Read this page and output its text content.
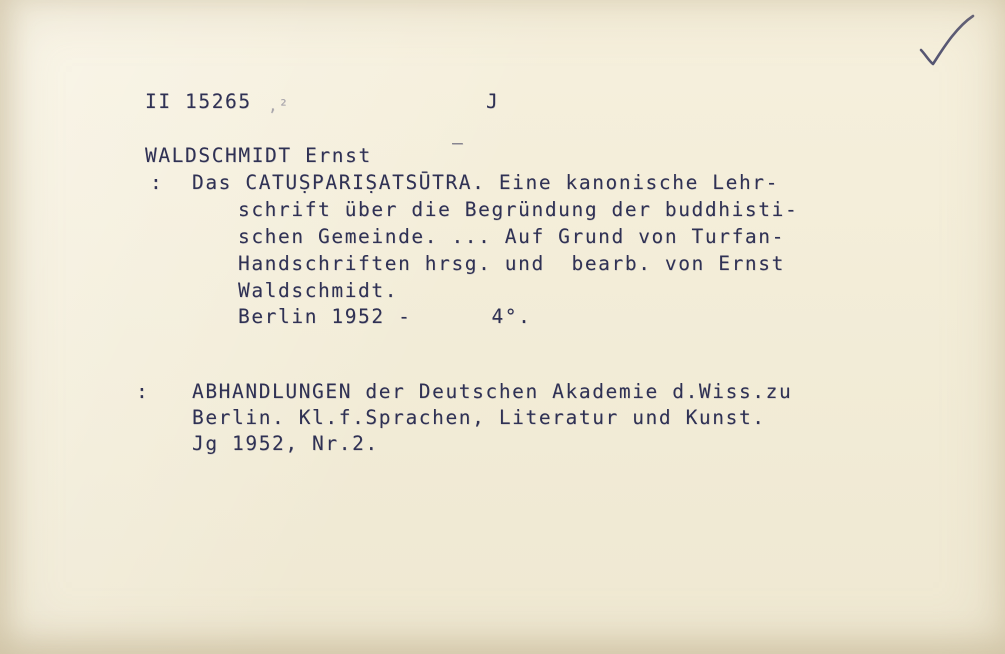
II 15265 ‚²	J
WALDSCHMIDT Ernst	‾
: Das CATUṢPARIṢATSŪTRA. Eine kanonische Lehr-
schrift über die Begründung der buddhisti-
schen Gemeinde. ... Auf Grund von Turfan-
Handschriften hrsg. und  bearb. von Ernst
Waldschmidt.
Berlin 1952 -      4°.
: ABHANDLUNGEN der Deutschen Akademie d.Wiss.zu
Berlin. Kl.f.Sprachen, Literatur und Kunst.
Jg 1952, Nr.2.
